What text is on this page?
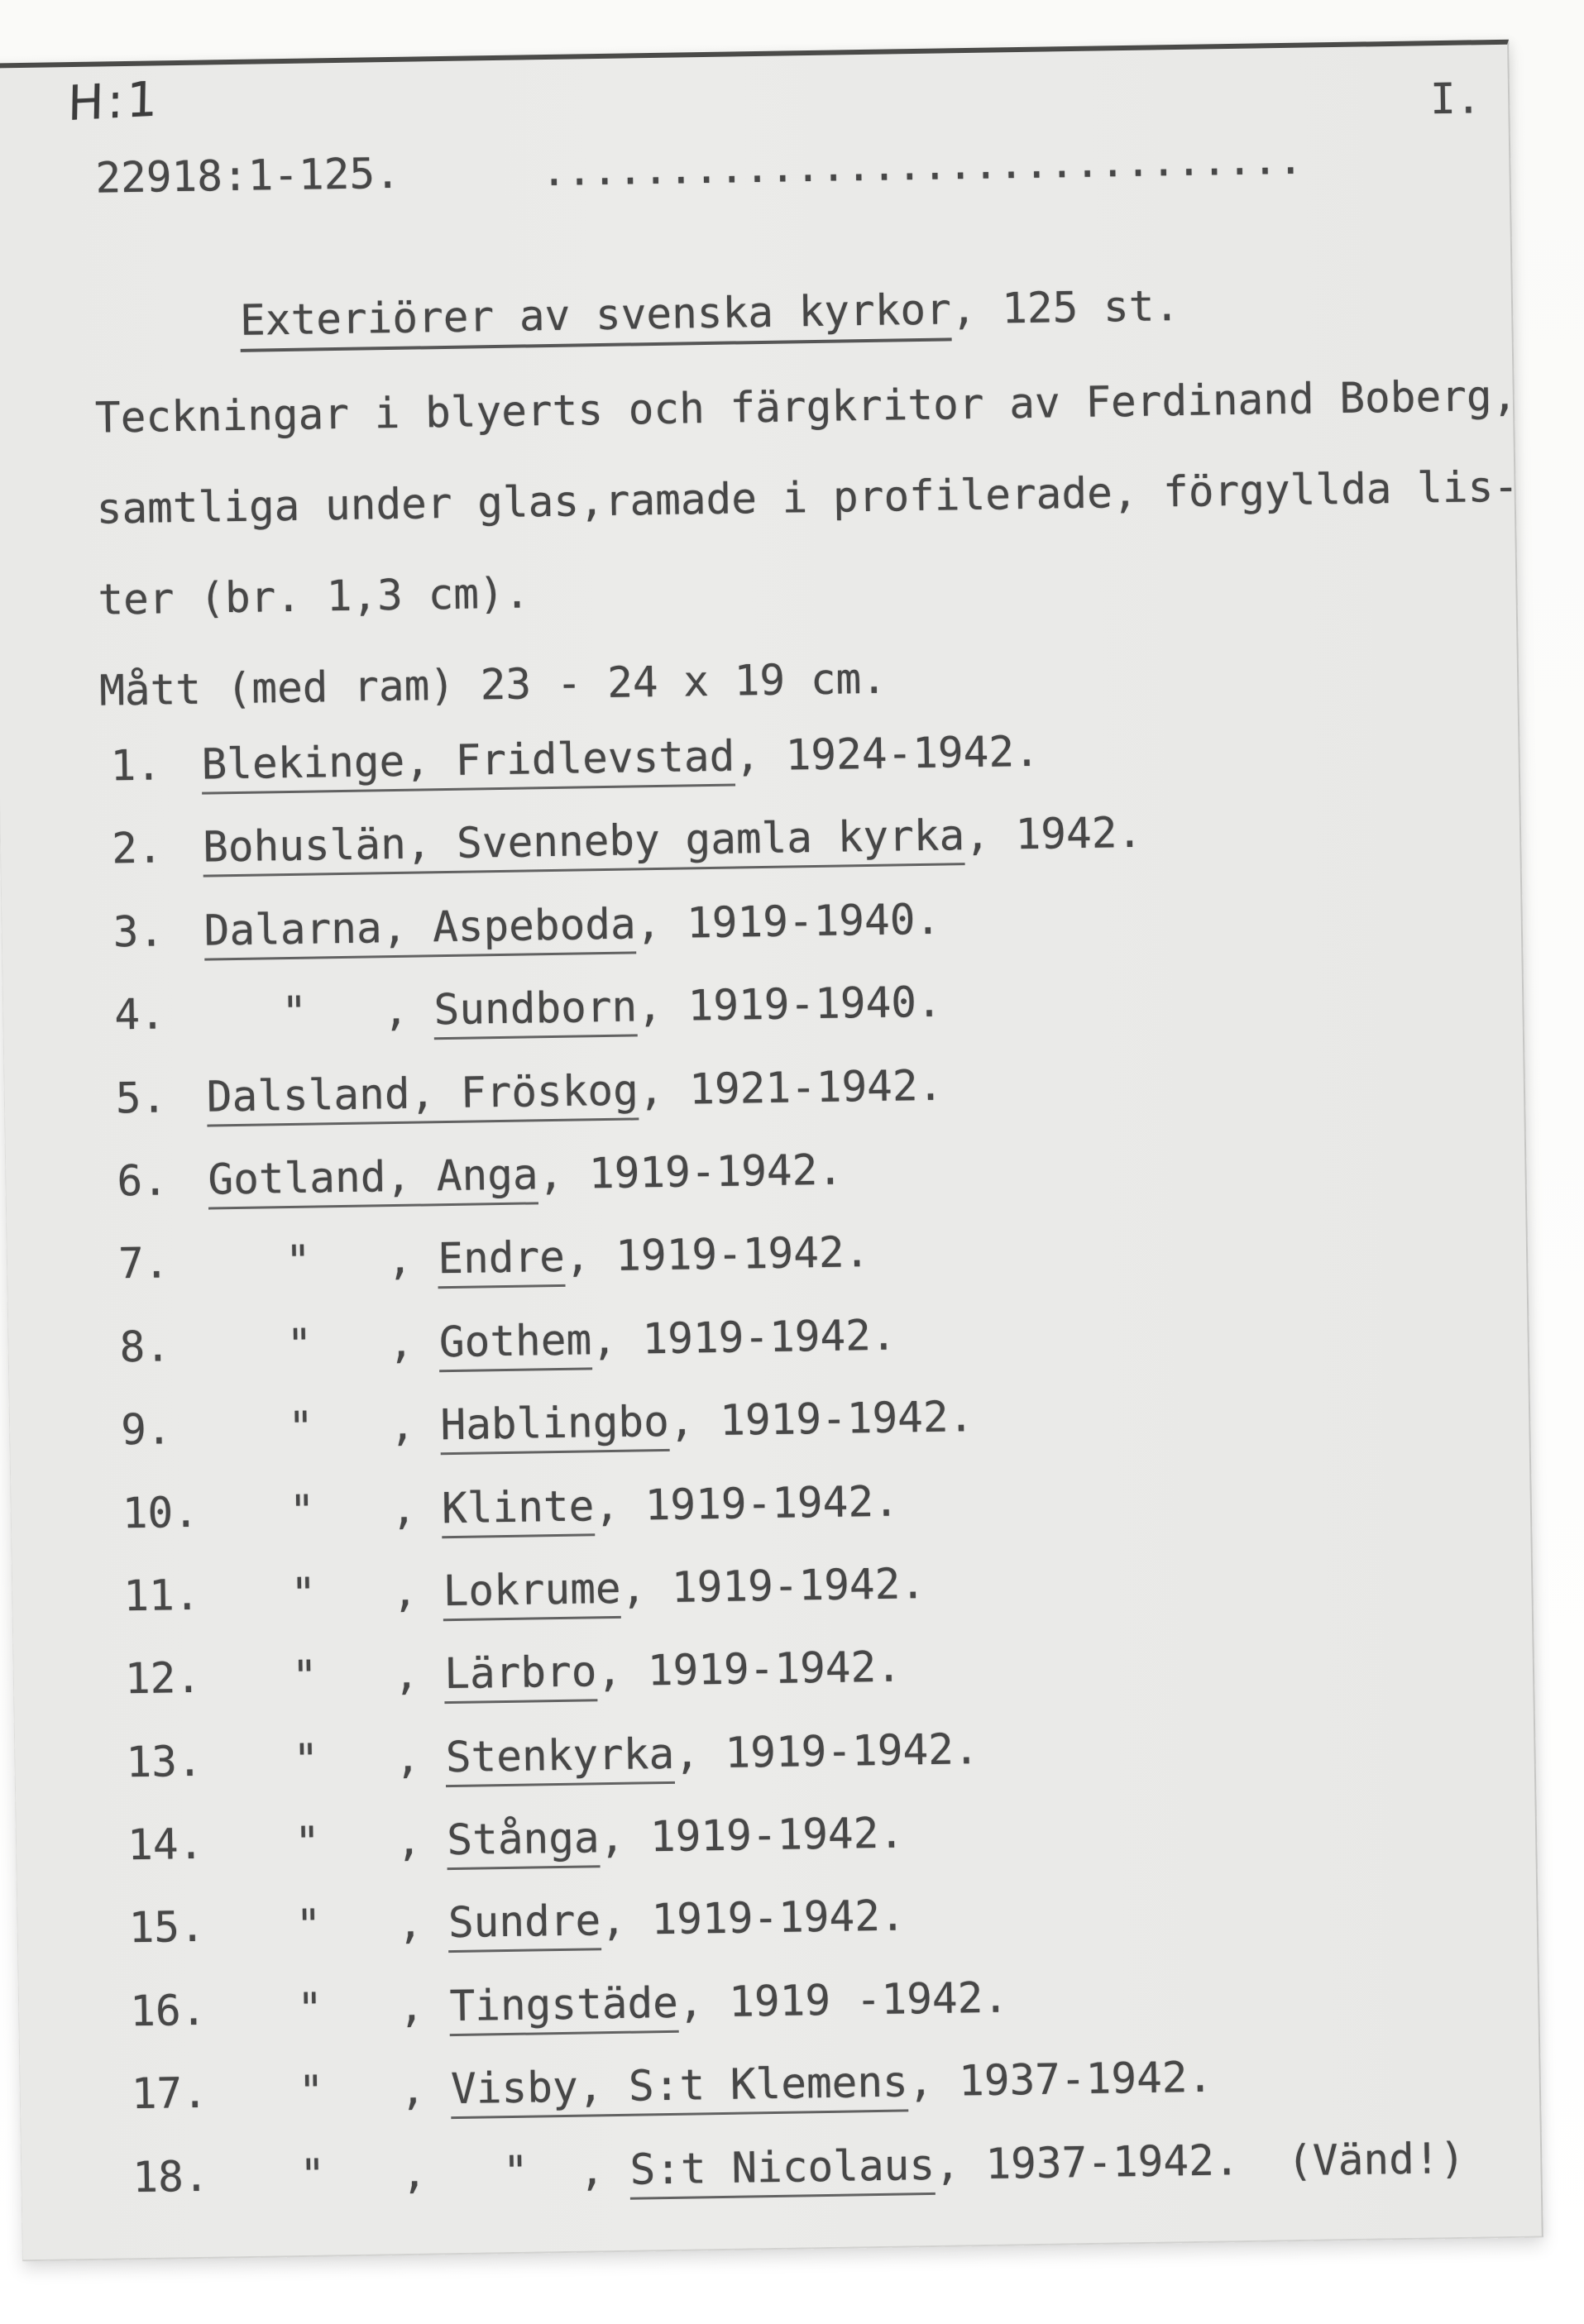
H:1	I.
22918:1-125.	..............................
Exteriörer av svenska kyrkor, 125 st.
Teckningar i blyerts och färgkritor av Ferdinand Boberg,
samtliga under glas,ramade i profilerade, förgyllda lis-
ter (br. 1,3 cm).
Mått (med ram) 23 - 24 x 19 cm.
1. Blekinge, Fridlevstad, 1924-1942.
2. Bohuslän, Svenneby gamla kyrka, 1942.
3. Dalarna, Aspeboda, 1919-1940.
4. "   , Sundborn, 1919-1940.
5. Dalsland, Fröskog, 1921-1942.
6. Gotland, Anga, 1919-1942.
7. "   , Endre, 1919-1942.
8. "   , Gothem, 1919-1942.
9. "   , Hablingbo, 1919-1942.
10. "   , Klinte, 1919-1942.
11. "   , Lokrume, 1919-1942.
12. "   , Lärbro, 1919-1942.
13. "   , Stenkyrka, 1919-1942.
14. "   , Stånga, 1919-1942.
15. "   , Sundre, 1919-1942.
16. "   , Tingstäde, 1919 -1942.
17. "   , Visby, S:t Klemens, 1937-1942.
18. "   ,   "  , S:t Nicolaus, 1937-1942. (Vänd!)
